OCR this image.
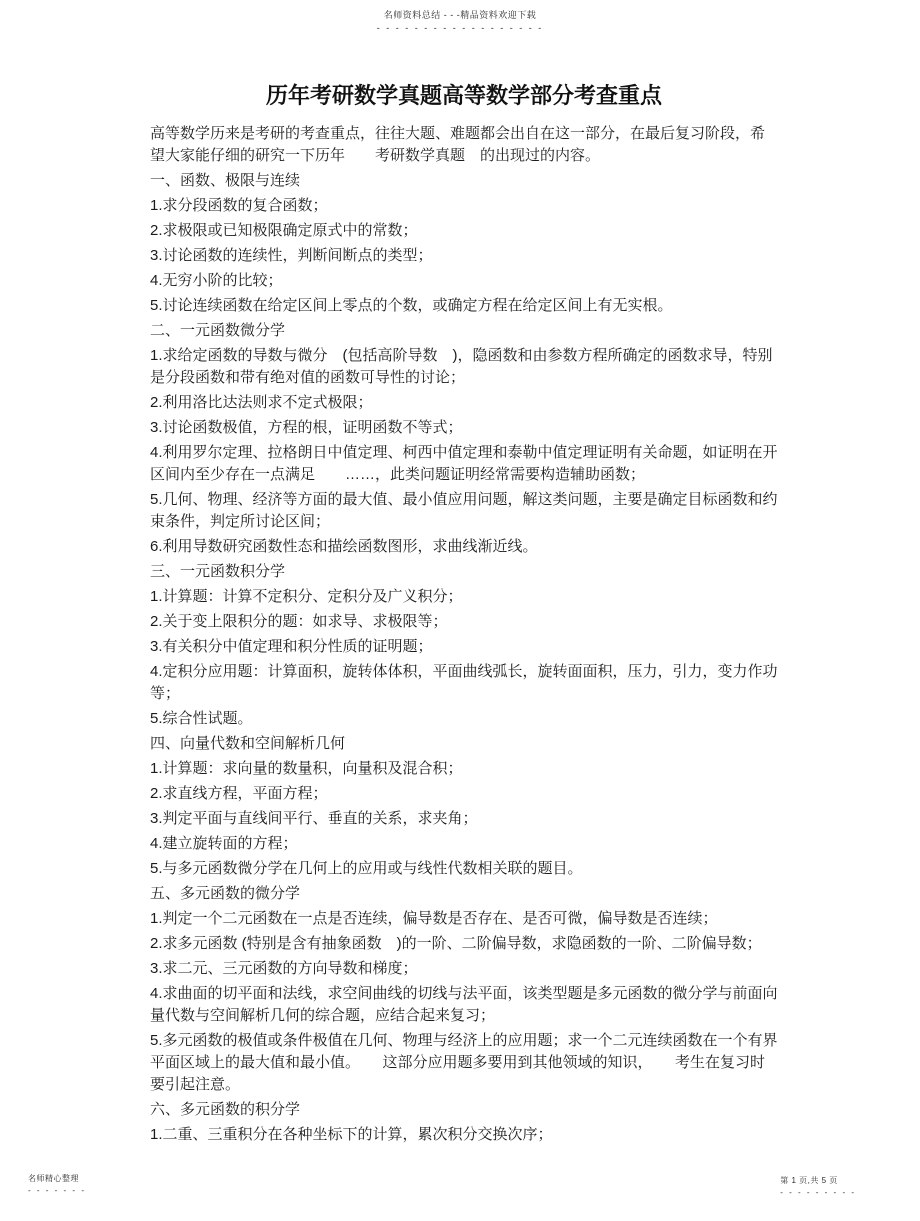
名师资料总结 - - -精品资料欢迎下载
- - - - - - - - - - - - - - - - - -
历年考研数学真题高等数学部分考查重点

高等数学历来是考研的考查重点，往往大题、难题都会出自在这一部分，在最后复习阶段，希望大家能仔细的研究一下历年　　考研数学真题　的出现过的内容。

一、函数、极限与连续

1.求分段函数的复合函数；

2.求极限或已知极限确定原式中的常数；

3.讨论函数的连续性，判断间断点的类型；

4.无穷小阶的比较；

5.讨论连续函数在给定区间上零点的个数，或确定方程在给定区间上有无实根。

二、一元函数微分学

1.求给定函数的导数与微分　(包括高阶导数　)，隐函数和由参数方程所确定的函数求导，特别是分段函数和带有绝对值的函数可导性的讨论；

2.利用洛比达法则求不定式极限；

3.讨论函数极值，方程的根，证明函数不等式；

4.利用罗尔定理、拉格朗日中值定理、柯西中值定理和泰勒中值定理证明有关命题，如证明在开区间内至少存在一点满足　　……，此类问题证明经常需要构造辅助函数；

5.几何、物理、经济等方面的最大值、最小值应用问题，解这类问题，主要是确定目标函数和约束条件，判定所讨论区间；

6.利用导数研究函数性态和描绘函数图形，求曲线渐近线。

三、一元函数积分学

1.计算题：计算不定积分、定积分及广义积分；

2.关于变上限积分的题：如求导、求极限等；

3.有关积分中值定理和积分性质的证明题；

4.定积分应用题：计算面积，旋转体体积，平面曲线弧长，旋转面面积，压力，引力，变力作功等；

5.综合性试题。

四、向量代数和空间解析几何

1.计算题：求向量的数量积，向量积及混合积；

2.求直线方程，平面方程；

3.判定平面与直线间平行、垂直的关系，求夹角；

4.建立旋转面的方程；

5.与多元函数微分学在几何上的应用或与线性代数相关联的题目。

五、多元函数的微分学

1.判定一个二元函数在一点是否连续，偏导数是否存在、是否可微，偏导数是否连续；

2.求多元函数 (特别是含有抽象函数　)的一阶、二阶偏导数，求隐函数的一阶、二阶偏导数；

3.求二元、三元函数的方向导数和梯度；

4.求曲面的切平面和法线，求空间曲线的切线与法平面，该类型题是多元函数的微分学与前面向量代数与空间解析几何的综合题，应结合起来复习；

5.多元函数的极值或条件极值在几何、物理与经济上的应用题；求一个二元连续函数在一个有界平面区域上的最大值和最小值。　　这部分应用题多要用到其他领域的知识，　　考生在复习时要引起注意。

六、多元函数的积分学

1.二重、三重积分在各种坐标下的计算，累次积分交换次序；

名师精心整理
- - - - - - -
第 1 页,共 5 页
- - - - - - - - -
